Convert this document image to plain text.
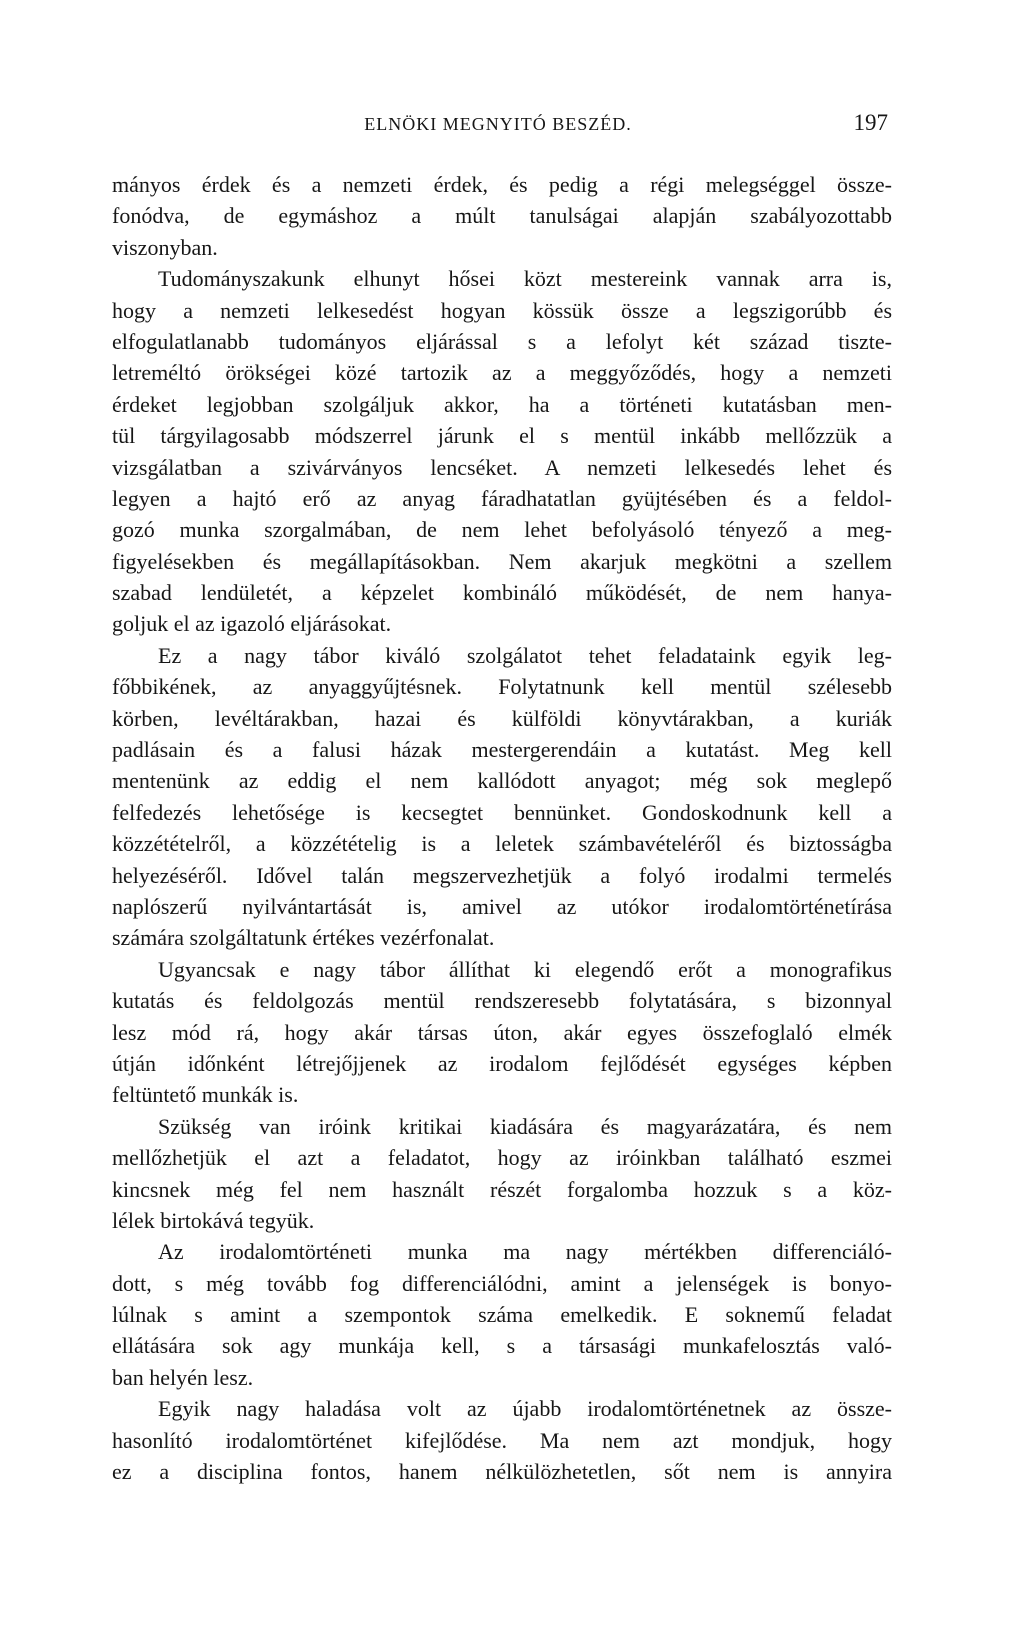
ELNÖKI MEGNYITÓ BESZÉD.	197
mányos érdek és a nemzeti érdek, és pedig a régi melegséggel össze-
fonódva, de egymáshoz a múlt tanulságai alapján szabályozottabb
viszonyban.
Tudományszakunk elhunyt hősei közt mestereink vannak arra is,
hogy a nemzeti lelkesedést hogyan kössük össze a legszigorúbb és
elfogulatlanabb tudományos eljárással s a lefolyt két század tiszte-
letreméltó örökségei közé tartozik az a meggyőződés, hogy a nemzeti
érdeket legjobban szolgáljuk akkor, ha a történeti kutatásban men-
tül tárgyilagosabb módszerrel járunk el s mentül inkább mellőzzük a
vizsgálatban a szivárványos lencséket. A nemzeti lelkesedés lehet és
legyen a hajtó erő az anyag fáradhatatlan gyüjtésében és a feldol-
gozó munka szorgalmában, de nem lehet befolyásoló tényező a meg-
figyelésekben és megállapításokban. Nem akarjuk megkötni a szellem
szabad lendületét, a képzelet kombináló működését, de nem hanya-
goljuk el az igazoló eljárásokat.
Ez a nagy tábor kiváló szolgálatot tehet feladataink egyik leg-
főbbikének, az anyaggyűjtésnek. Folytatnunk kell mentül szélesebb
körben, levéltárakban, hazai és külföldi könyvtárakban, a kuriák
padlásain és a falusi házak mestergerendáin a kutatást. Meg kell
mentenünk az eddig el nem kallódott anyagot; még sok meglepő
felfedezés lehetősége is kecsegtet bennünket. Gondoskodnunk kell a
közzétételről, a közzétételig is a leletek számbavételéről és biztosságba
helyezéséről. Idővel talán megszervezhetjük a folyó irodalmi termelés
naplószerű nyilvántartását is, amivel az utókor irodalomtörténetírása
számára szolgáltatunk értékes vezérfonalat.
Ugyancsak e nagy tábor állíthat ki elegendő erőt a monografikus
kutatás és feldolgozás mentül rendszeresebb folytatására, s bizonnyal
lesz mód rá, hogy akár társas úton, akár egyes összefoglaló elmék
útján időnként létrejőjjenek az irodalom fejlődését egységes képben
feltüntető munkák is.
Szükség van iróink kritikai kiadására és magyarázatára, és nem
mellőzhetjük el azt a feladatot, hogy az iróinkban található eszmei
kincsnek még fel nem használt részét forgalomba hozzuk s a köz-
lélek birtokává tegyük.
Az irodalomtörténeti munka ma nagy mértékben differenciáló-
dott, s még tovább fog differenciálódni, amint a jelenségek is bonyo-
lúlnak s amint a szempontok száma emelkedik. E soknemű feladat
ellátására sok agy munkája kell, s a társasági munkafelosztás való-
ban helyén lesz.
Egyik nagy haladása volt az újabb irodalomtörténetnek az össze-
hasonlító irodalomtörténet kifejlődése. Ma nem azt mondjuk, hogy
ez a disciplina fontos, hanem nélkülözhetetlen, sőt nem is annyira
